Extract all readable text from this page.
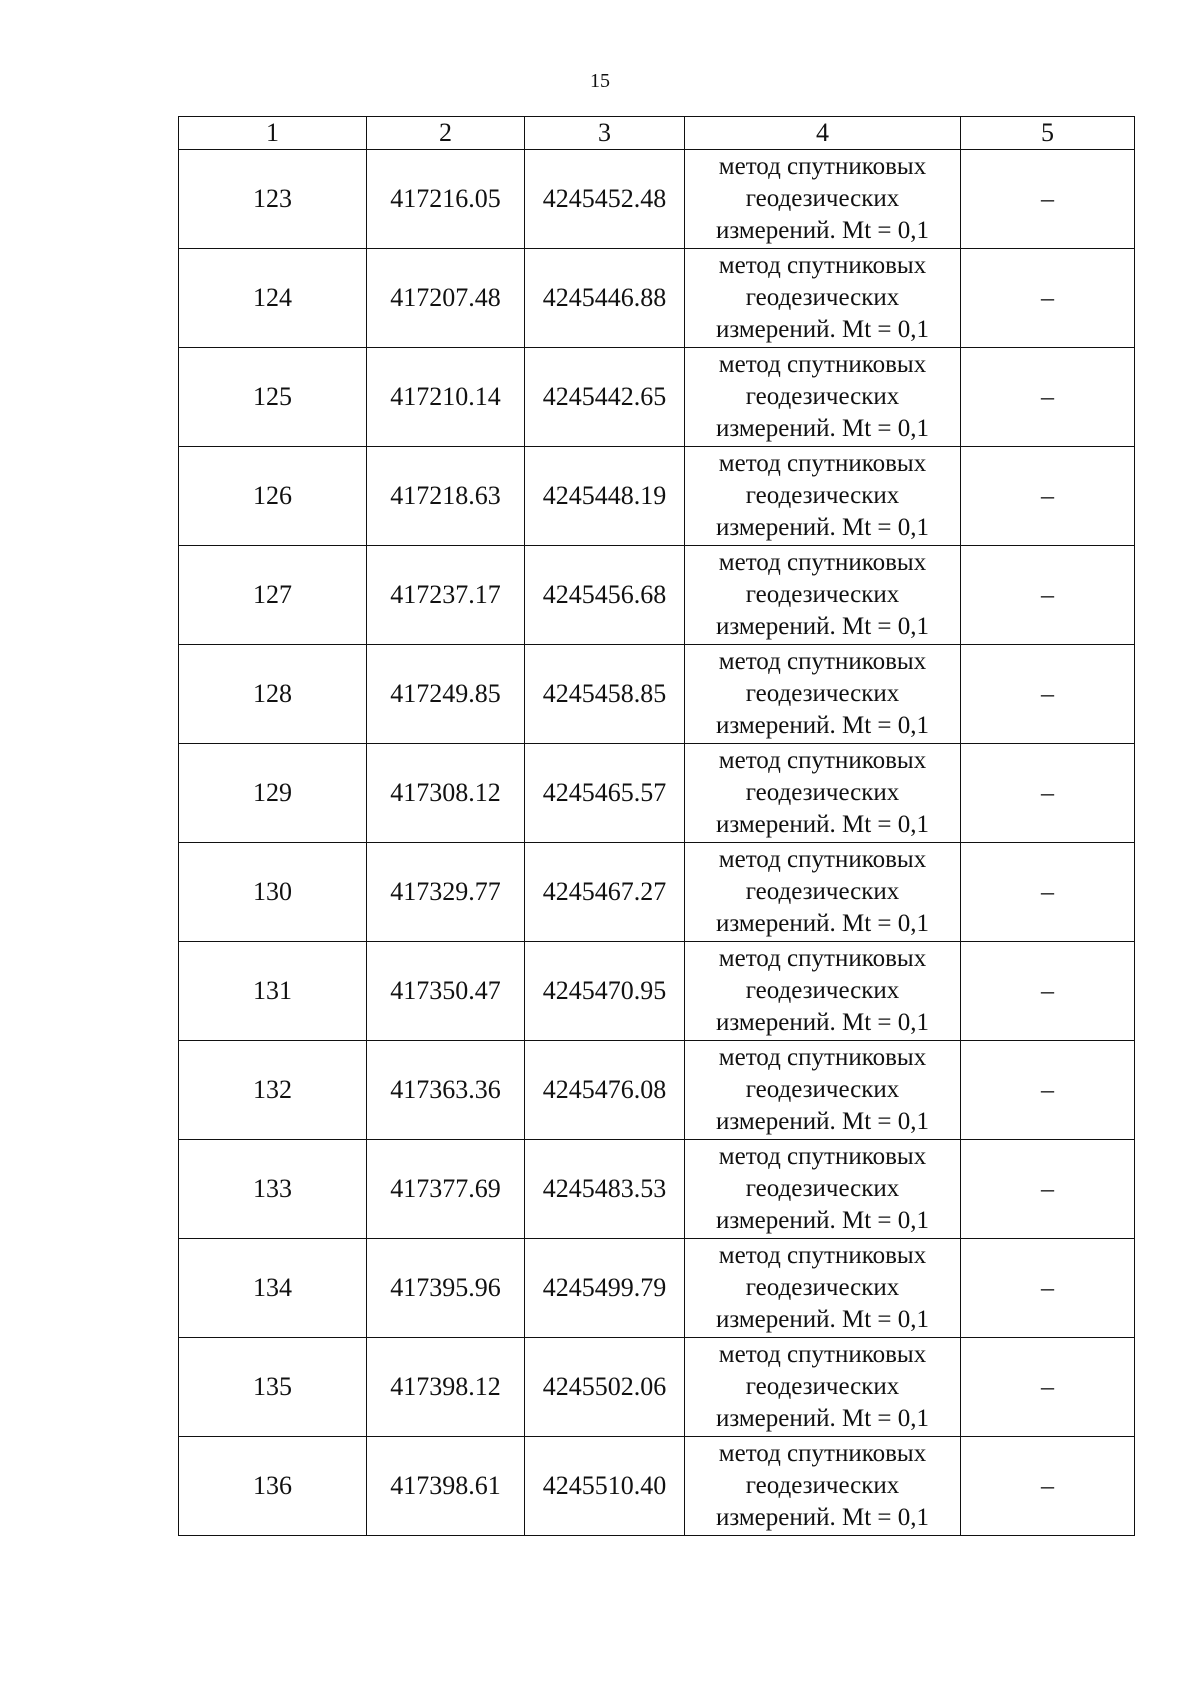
15
1	2	3	4	5
123	417216.05	4245452.48	метод спутниковых
геодезических
измерений. Mt = 0,1	–
124	417207.48	4245446.88	метод спутниковых
геодезических
измерений. Mt = 0,1	–
125	417210.14	4245442.65	метод спутниковых
геодезических
измерений. Mt = 0,1	–
126	417218.63	4245448.19	метод спутниковых
геодезических
измерений. Mt = 0,1	–
127	417237.17	4245456.68	метод спутниковых
геодезических
измерений. Mt = 0,1	–
128	417249.85	4245458.85	метод спутниковых
геодезических
измерений. Mt = 0,1	–
129	417308.12	4245465.57	метод спутниковых
геодезических
измерений. Mt = 0,1	–
130	417329.77	4245467.27	метод спутниковых
геодезических
измерений. Mt = 0,1	–
131	417350.47	4245470.95	метод спутниковых
геодезических
измерений. Mt = 0,1	–
132	417363.36	4245476.08	метод спутниковых
геодезических
измерений. Mt = 0,1	–
133	417377.69	4245483.53	метод спутниковых
геодезических
измерений. Mt = 0,1	–
134	417395.96	4245499.79	метод спутниковых
геодезических
измерений. Mt = 0,1	–
135	417398.12	4245502.06	метод спутниковых
геодезических
измерений. Mt = 0,1	–
136	417398.61	4245510.40	метод спутниковых
геодезических
измерений. Mt = 0,1	–
